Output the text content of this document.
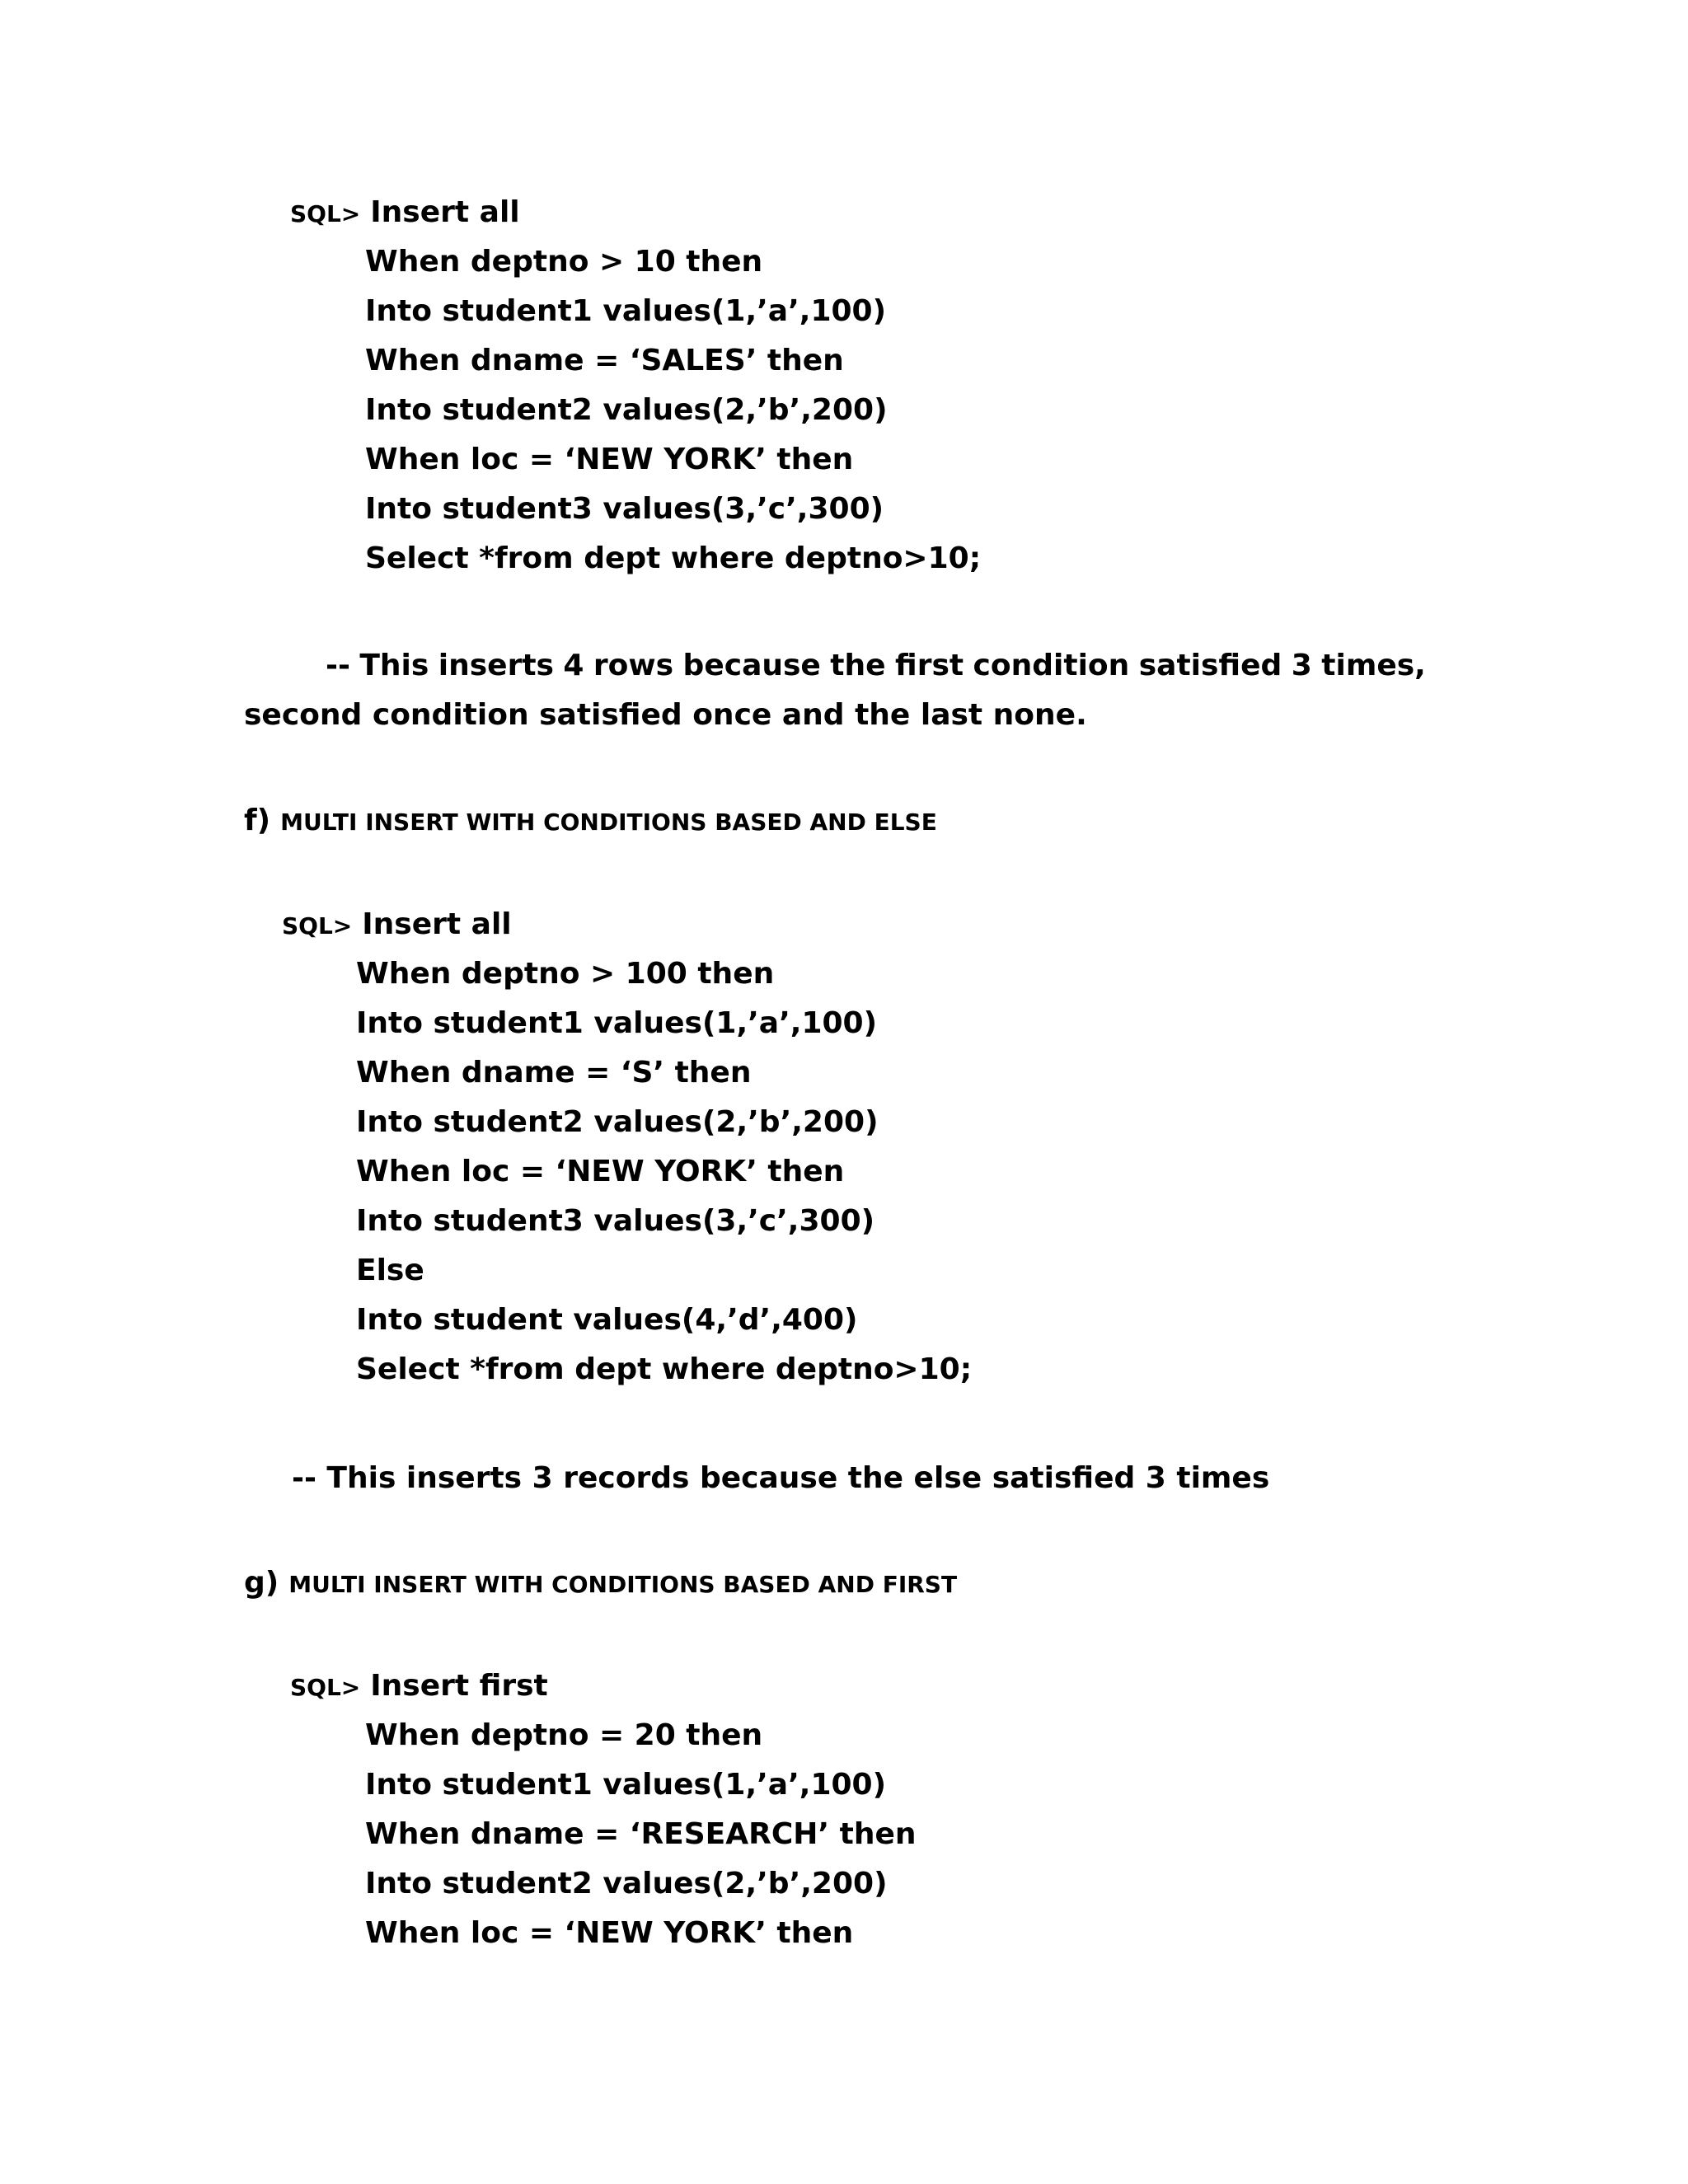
SQL> Insert all
When deptno > 10 then
Into student1 values(1,’a’,100)
When dname = ‘SALES’ then
Into student2 values(2,’b’,200)
When loc = ‘NEW YORK’ then
Into student3 values(3,’c’,300)
Select *from dept where deptno>10;
-- This inserts 4 rows because the first condition satisfied 3 times,
second condition satisfied once and the last none.
f) MULTI INSERT WITH CONDITIONS BASED AND ELSE
SQL> Insert all
When deptno > 100 then
Into student1 values(1,’a’,100)
When dname = ‘S’ then
Into student2 values(2,’b’,200)
When loc = ‘NEW YORK’ then
Into student3 values(3,’c’,300)
Else
Into student values(4,’d’,400)
Select *from dept where deptno>10;
-- This inserts 3 records because the else satisfied 3 times
g) MULTI INSERT WITH CONDITIONS BASED AND FIRST
SQL> Insert first
When deptno = 20 then
Into student1 values(1,’a’,100)
When dname = ‘RESEARCH’ then
Into student2 values(2,’b’,200)
When loc = ‘NEW YORK’ then
